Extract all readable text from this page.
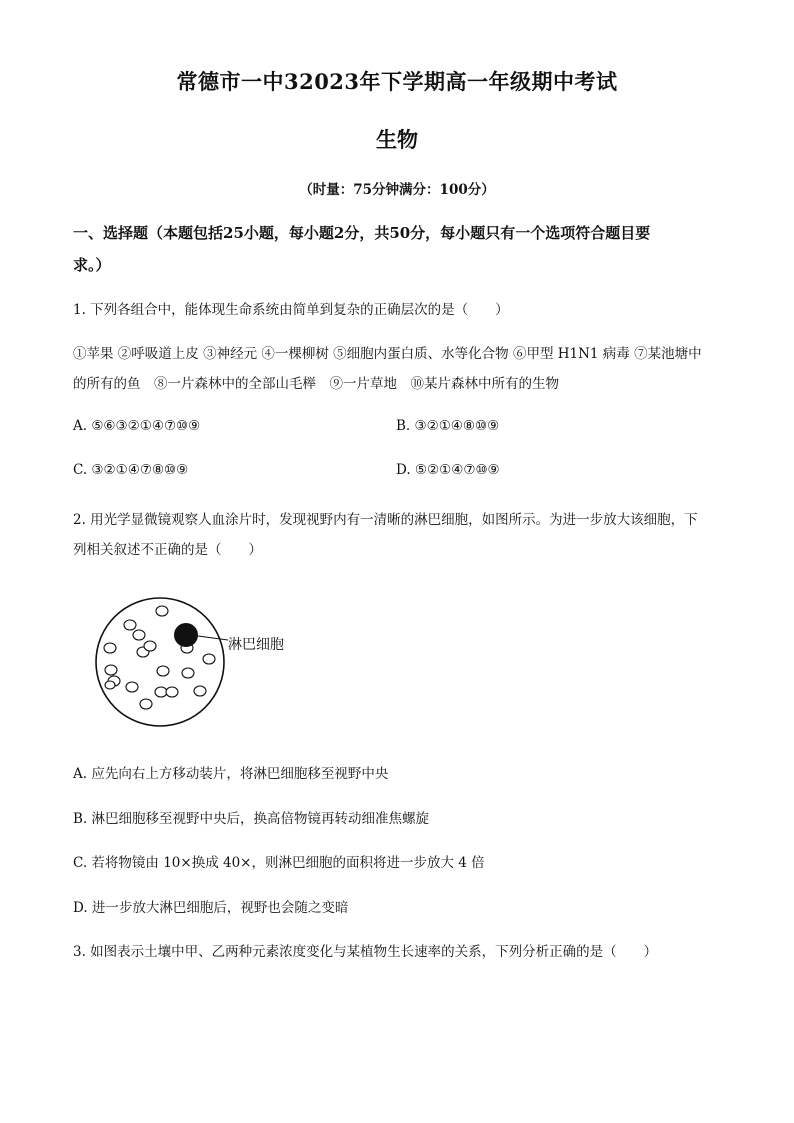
常德市一中32023年下学期高一年级期中考试
生物
（时量：75分钟满分：100分）
一、选择题（本题包括25小题，每小题2分，共50分，每小题只有一个选项符合题目要
求。）
1. 下列各组合中，能体现生命系统由简单到复杂的正确层次的是（　　）
①苹果 ②呼吸道上皮 ③神经元 ④一棵柳树 ⑤细胞内蛋白质、水等化合物 ⑥甲型 H1N1 病毒 ⑦某池塘中
的所有的鱼　⑧一片森林中的全部山毛榉　⑨一片草地　⑩某片森林中所有的生物
A. ⑤⑥③②①④⑦⑩⑨	B. ③②①④⑧⑩⑨
C. ③②①④⑦⑧⑩⑨	D. ⑤②①④⑦⑩⑨
2. 用光学显微镜观察人血涂片时，发现视野内有一清晰的淋巴细胞，如图所示。为进一步放大该细胞，下
列相关叙述不正确的是（　　）
淋巴细胞
A. 应先向右上方移动装片，将淋巴细胞移至视野中央
B. 淋巴细胞移至视野中央后，换高倍物镜再转动细准焦螺旋
C. 若将物镜由 10×换成 40×，则淋巴细胞的面积将进一步放大 4 倍
D. 进一步放大淋巴细胞后，视野也会随之变暗
3. 如图表示土壤中甲、乙两种元素浓度变化与某植物生长速率的关系，下列分析正确的是（　　）
